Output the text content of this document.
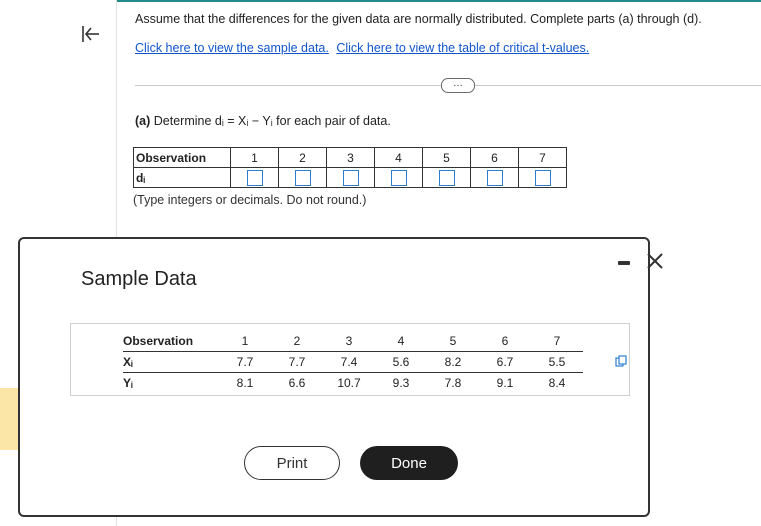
Assume that the differences for the given data are normally distributed. Complete parts (a) through (d).
Click here to view the sample data. Click here to view the table of critical t-values.
…
(a) Determine dᵢ = Xᵢ − Yᵢ for each pair of data.
Observation	1	2	3	4	5	6	7
dᵢ							
(Type integers or decimals. Do not round.)
Sample Data
Observation	1	2	3	4	5	6	7
Xᵢ	7.7	7.7	7.4	5.6	8.2	6.7	5.5
Yᵢ	8.1	6.6	10.7	9.3	7.8	9.1	8.4
Print	Done
